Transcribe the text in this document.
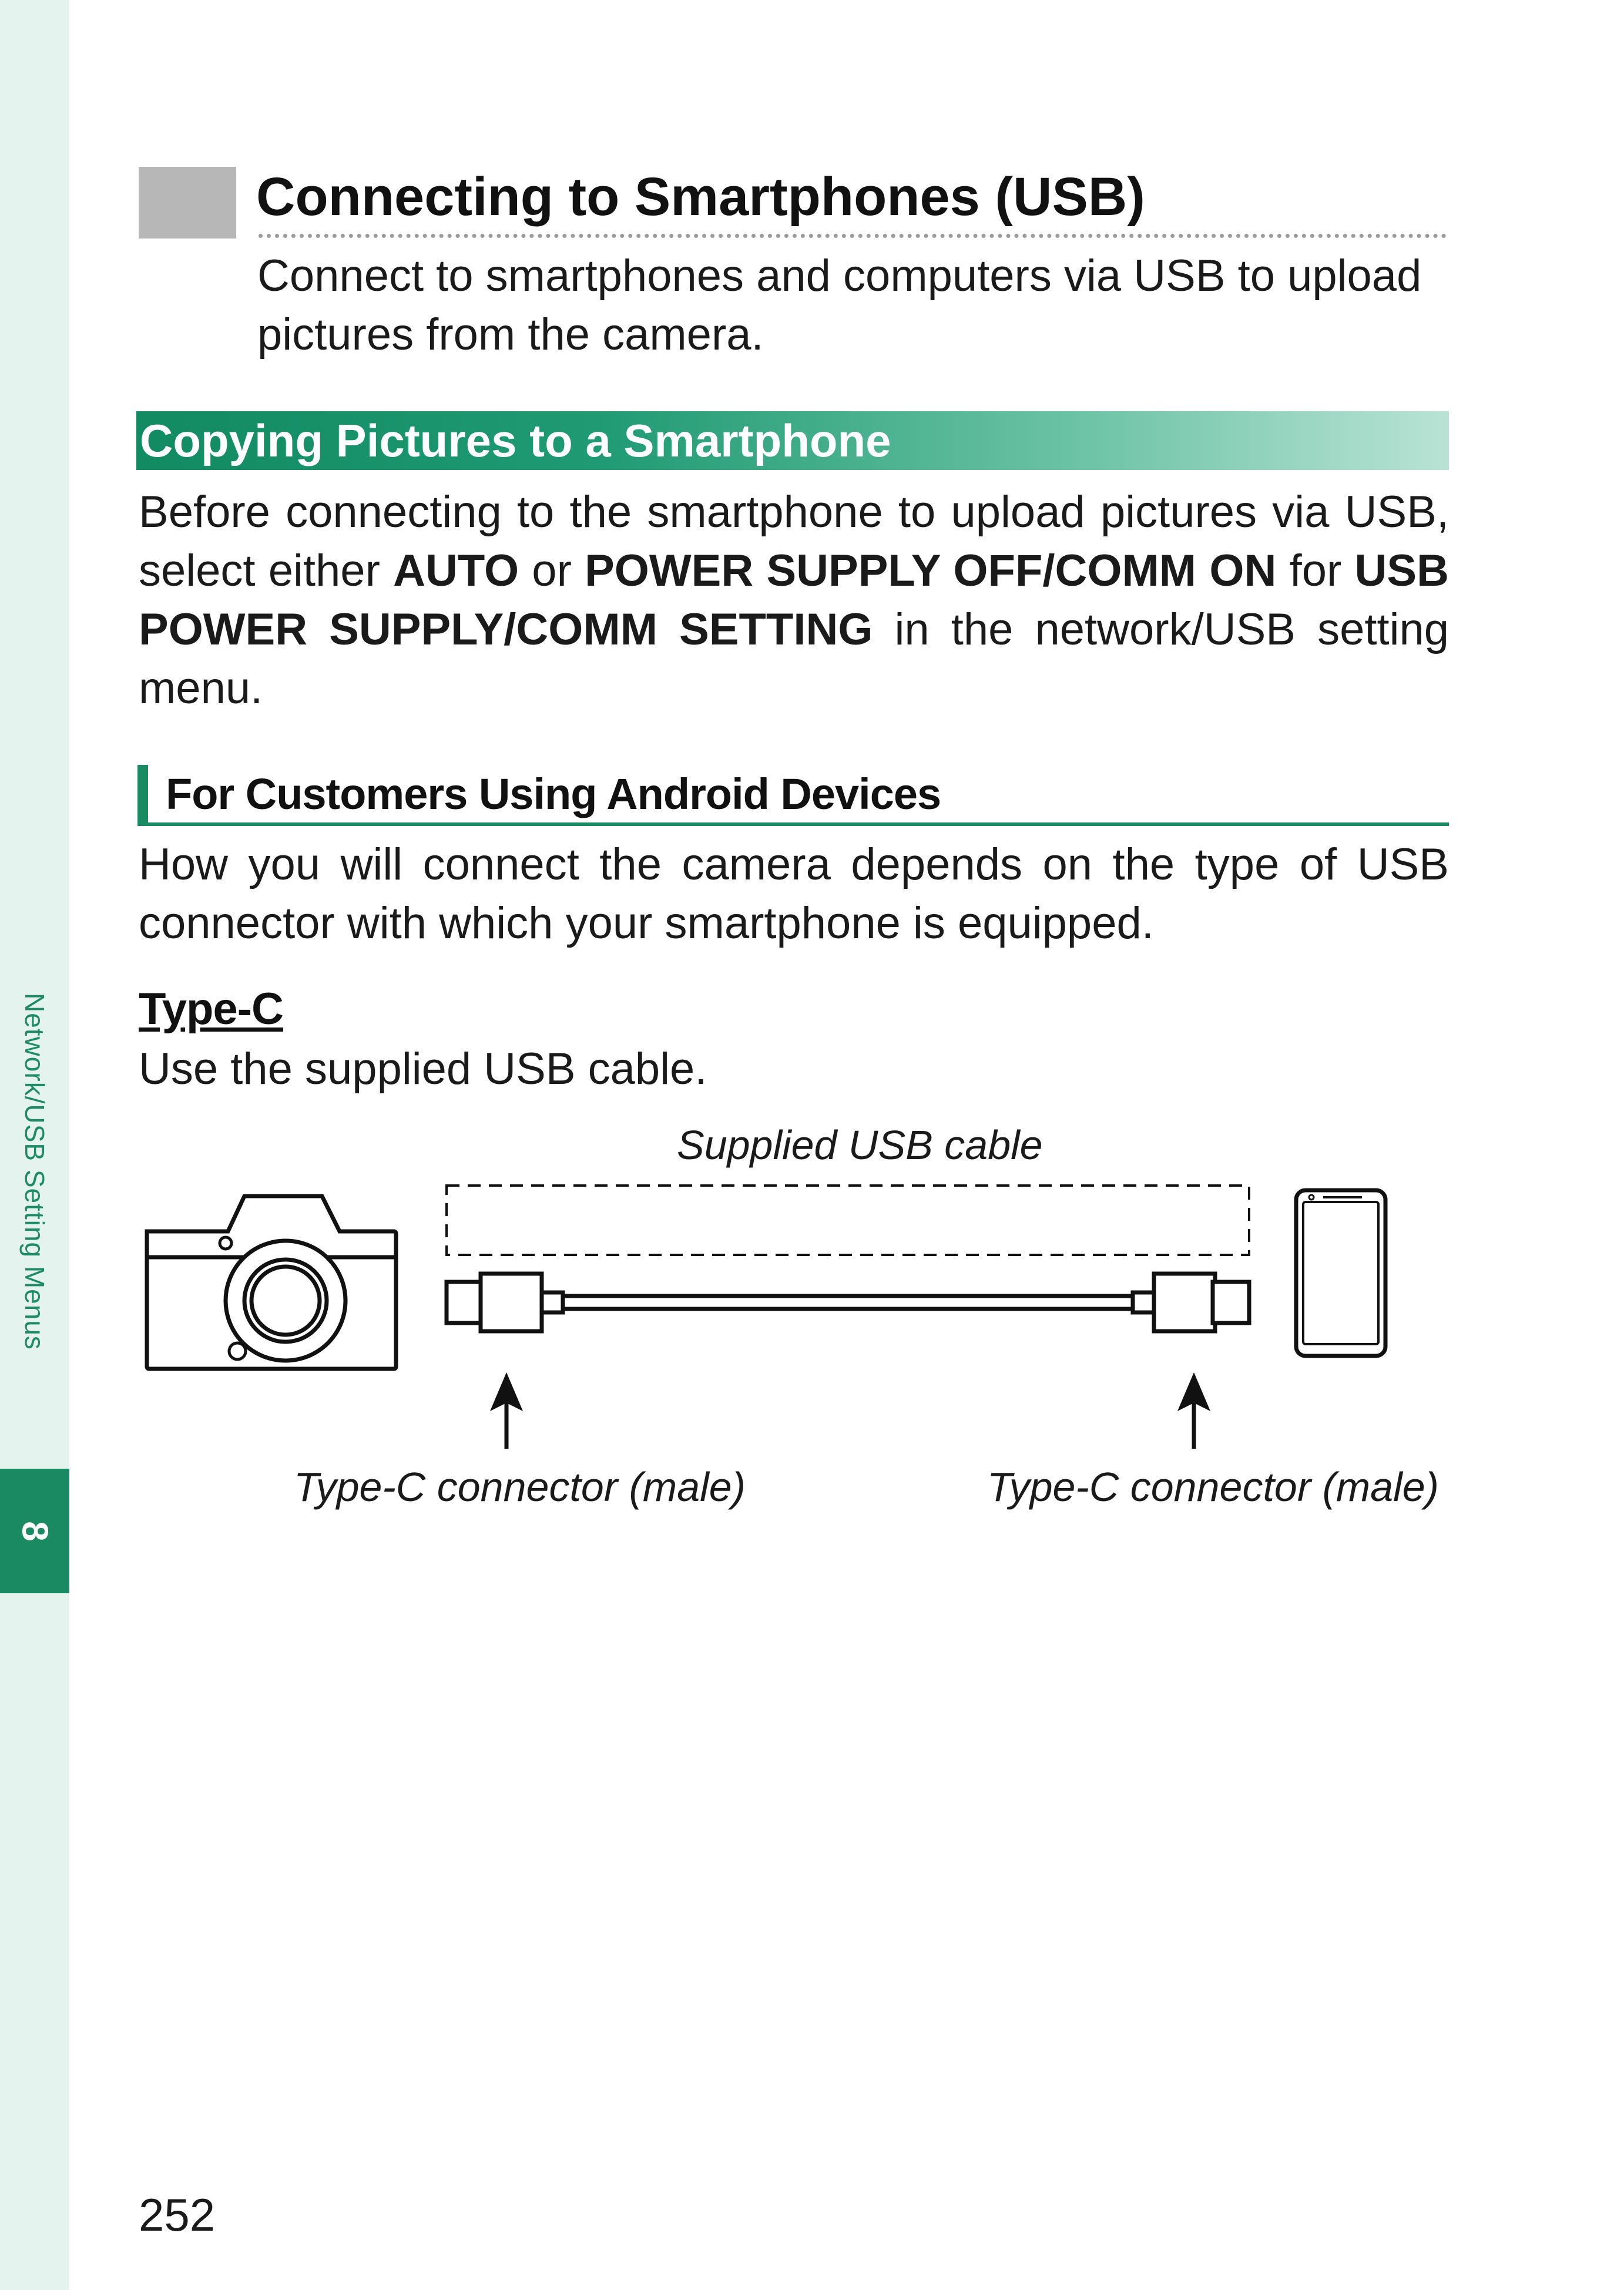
Network/USB Setting Menus
8
Connecting to Smartphones (USB)

Connect to smartphones and computers via USB to upload pictures from the camera.

Copying Pictures to a Smartphone

Before connecting to the smartphone to upload pictures via USB, select either AUTO or POWER SUPPLY OFF/COMM ON for USB POWER SUPPLY/COMM SETTING in the network/USB setting menu.

For Customers Using Android Devices

How you will connect the camera depends on the type of USB connector with which your smartphone is equipped.

Type-C

Use the supplied USB cable.

Supplied USB cable
Type-C connector (male)	Type-C connector (male)
252
